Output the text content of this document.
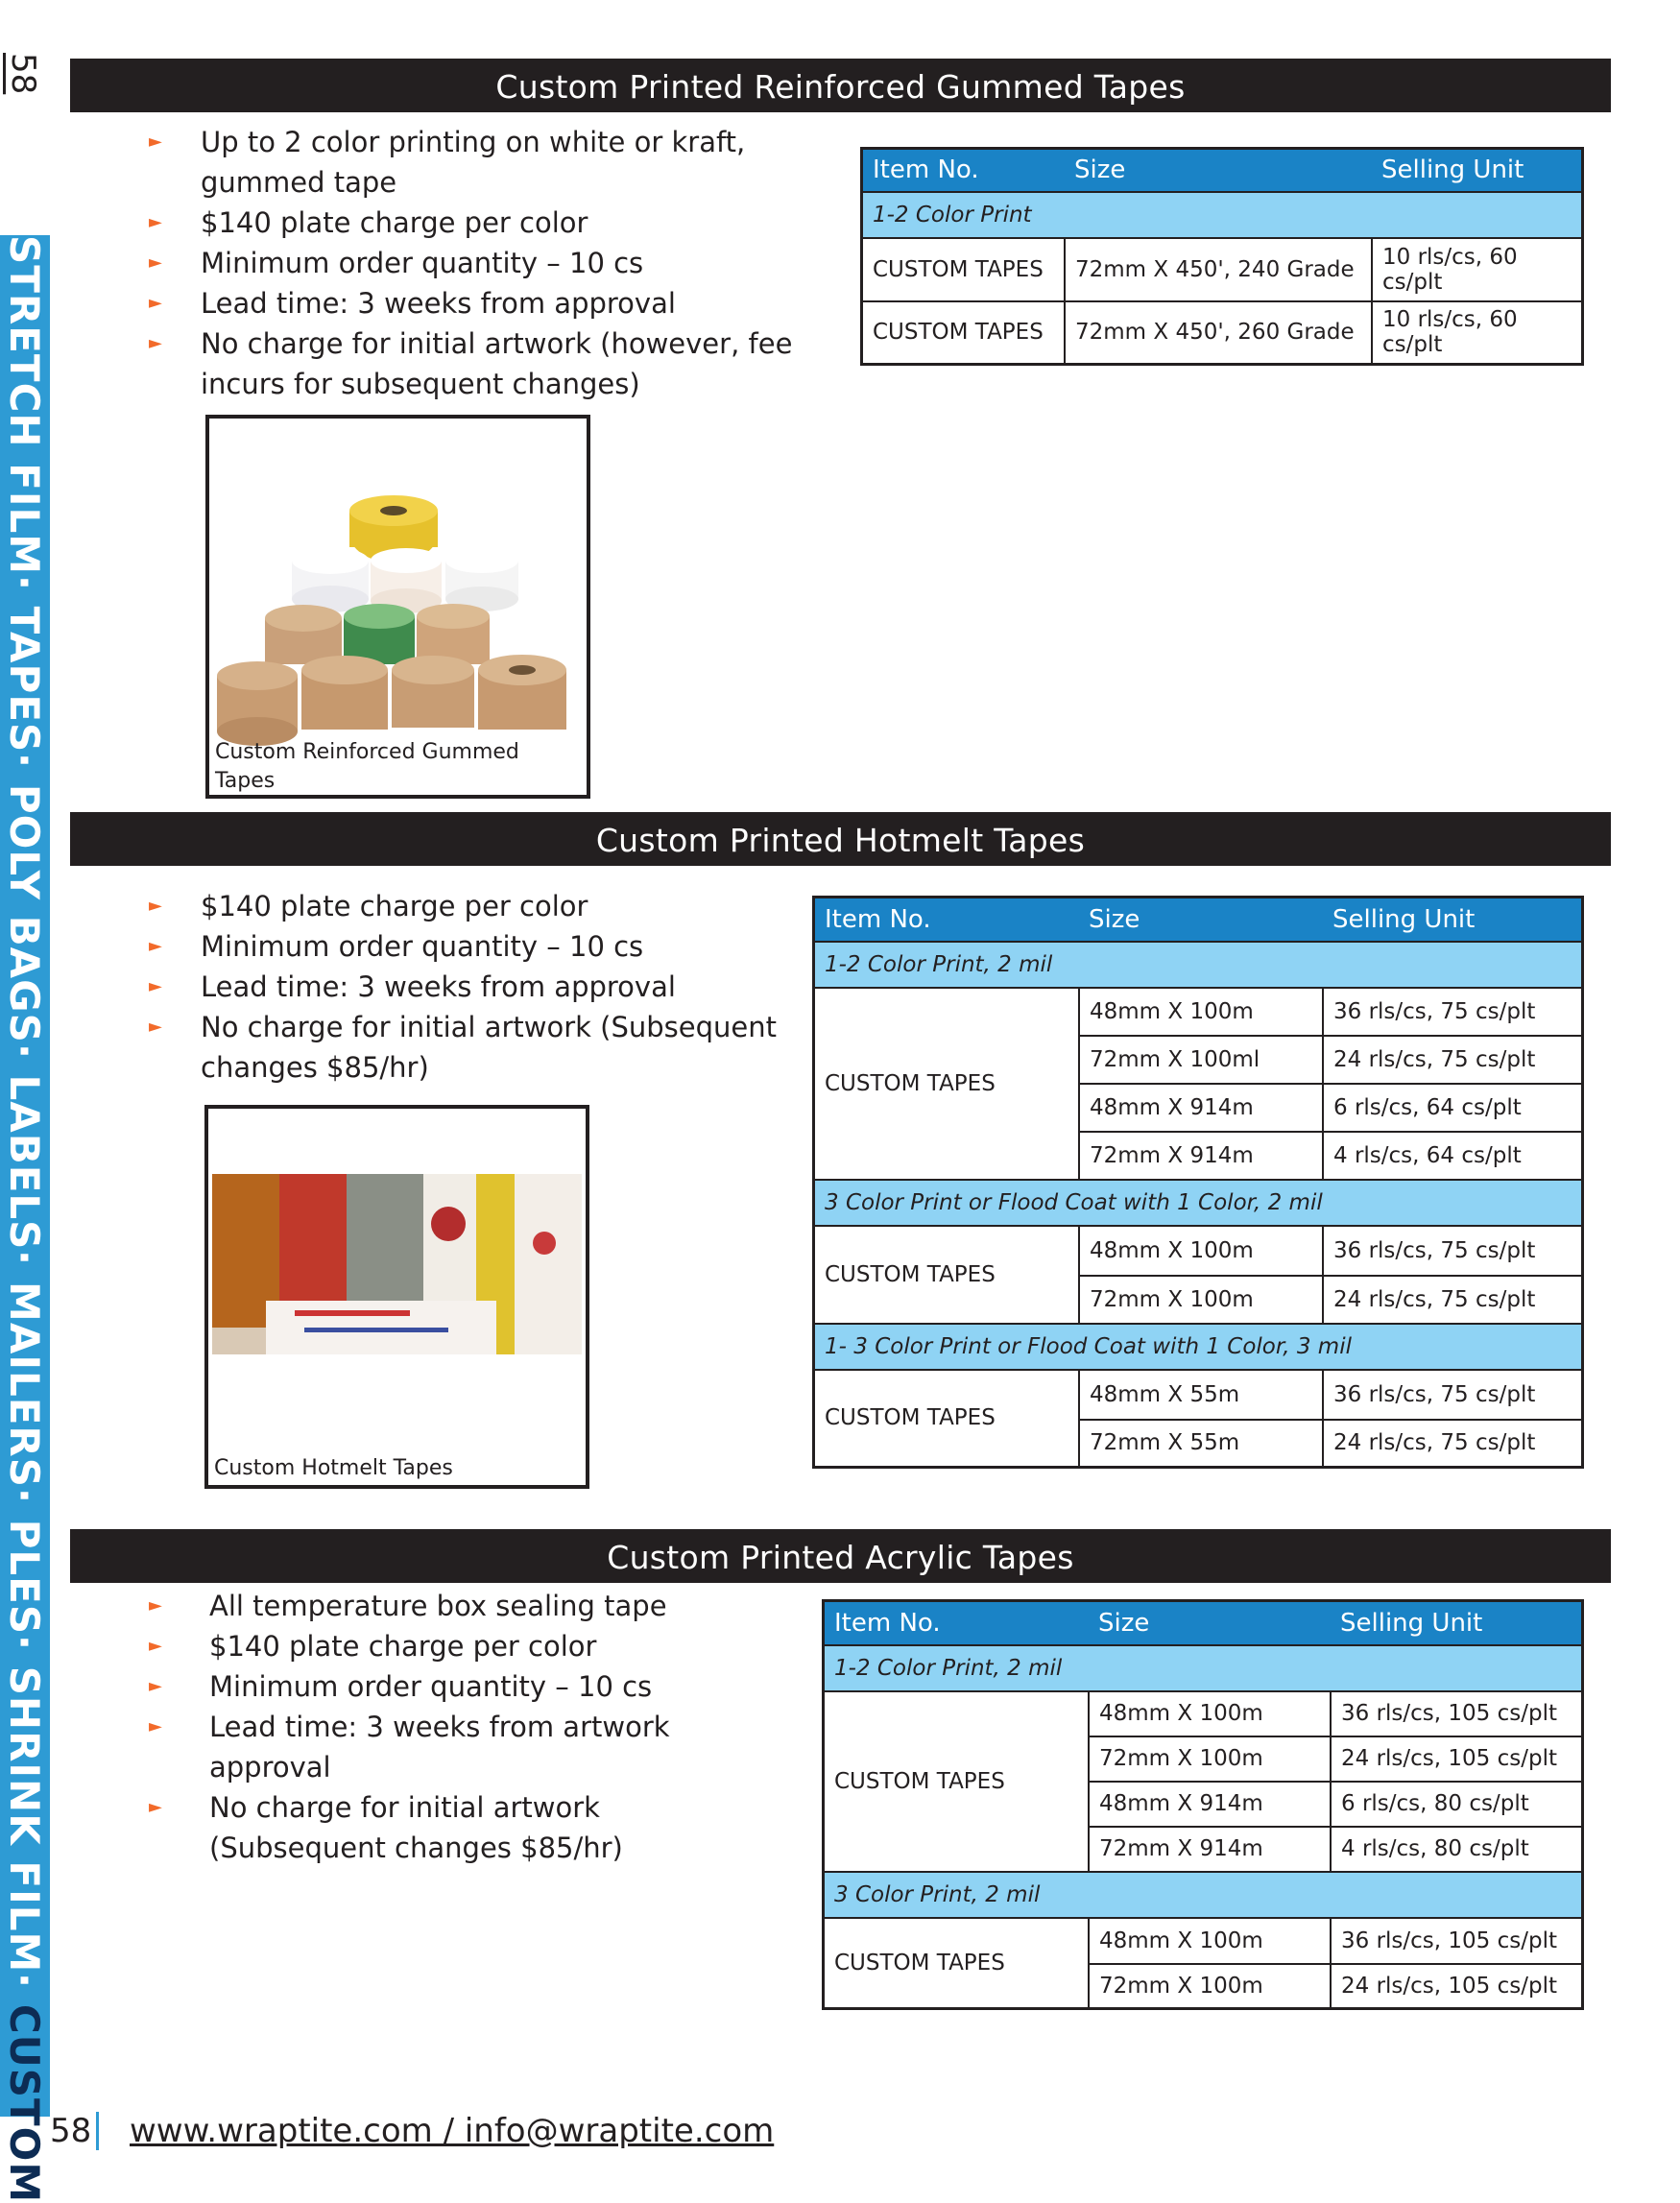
58
STRETCH FILM· TAPES· POLY BAGS· LABELS· MAILERS· PLES· SHRINK FILM· CUSTOM
Custom Printed Reinforced Gummed Tapes
► Up to 2 color printing on white or kraft, gummed tape
► $140 plate charge per color
► Minimum order quantity – 10 cs
► Lead time: 3 weeks from approval
► No charge for initial artwork (however, fee incurs for subsequent changes)
Custom Reinforced Gummed Tapes
Item No.	Size	Selling Unit
1-2 Color Print		
CUSTOM TAPES	72mm X 450', 240 Grade	10 rls/cs, 60 cs/plt
CUSTOM TAPES	72mm X 450', 260 Grade	10 rls/cs, 60 cs/plt
Custom Printed Hotmelt Tapes
► $140 plate charge per color
► Minimum order quantity – 10 cs
► Lead time: 3 weeks from approval
► No charge for initial artwork (Subsequent changes $85/hr)
Custom Hotmelt Tapes
Item No.	Size	Selling Unit
1-2 Color Print, 2 mil		
CUSTOM TAPES	48mm X 100m	36 rls/cs, 75 cs/plt
	72mm X 100ml	24 rls/cs, 75 cs/plt
	48mm X 914m	6 rls/cs, 64 cs/plt
	72mm X 914m	4 rls/cs, 64 cs/plt
3 Color Print or Flood Coat with 1 Color, 2 mil		
CUSTOM TAPES	48mm X 100m	36 rls/cs, 75 cs/plt
	72mm X 100m	24 rls/cs, 75 cs/plt
1- 3 Color Print or Flood Coat with 1 Color, 3 mil		
CUSTOM TAPES	48mm X 55m	36 rls/cs, 75 cs/plt
	72mm X 55m	24 rls/cs, 75 cs/plt
Custom Printed Acrylic Tapes
► All temperature box sealing tape
► $140 plate charge per color
► Minimum order quantity – 10 cs
► Lead time: 3 weeks from artwork approval
► No charge for initial artwork (Subsequent changes $85/hr)
Item No.	Size	Selling Unit
1-2 Color Print, 2 mil		
CUSTOM TAPES	48mm X 100m	36 rls/cs, 105 cs/plt
	72mm X 100m	24 rls/cs, 105 cs/plt
	48mm X 914m	6 rls/cs, 80 cs/plt
	72mm X 914m	4 rls/cs, 80 cs/plt
3 Color Print, 2 mil		
CUSTOM TAPES	48mm X 100m	36 rls/cs, 105 cs/plt
	72mm X 100m	24 rls/cs, 105 cs/plt
58 www.wraptite.com / info@wraptite.com
